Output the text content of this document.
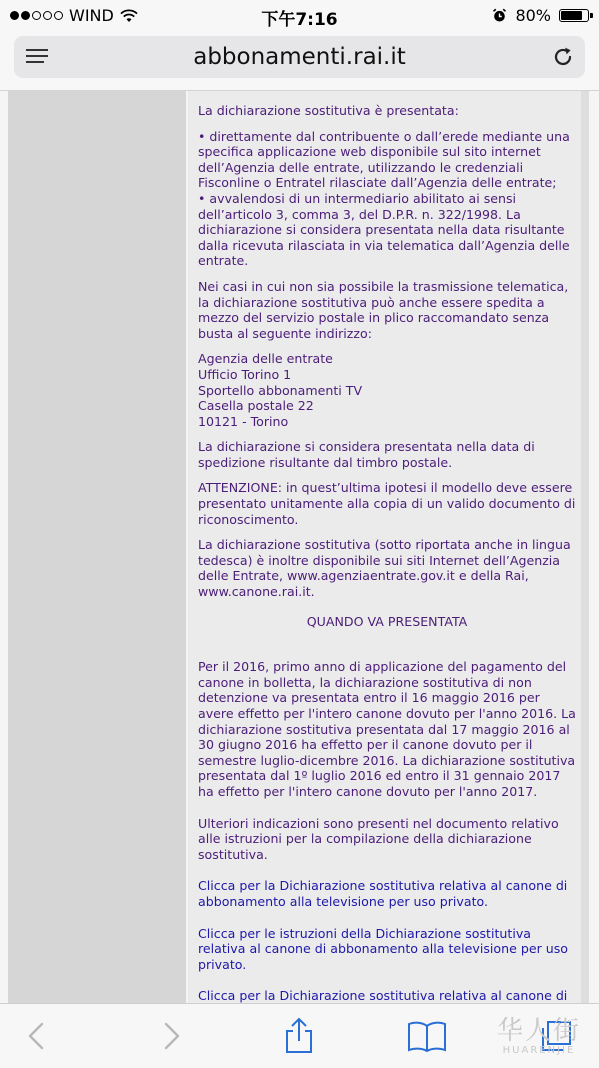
WIND	下午7:16	80%
abbonamenti.rai.it

La dichiarazione sostitutiva è presentata:

• direttamente dal contribuente o dall’erede mediante una specifica applicazione web disponibile sul sito internet dell’Agenzia delle entrate, utilizzando le credenziali Fisconline o Entratel rilasciate dall’Agenzia delle entrate;
• avvalendosi di un intermediario abilitato ai sensi dell’articolo 3, comma 3, del D.P.R. n. 322/1998. La dichiarazione si considera presentata nella data risultante dalla ricevuta rilasciata in via telematica dall’Agenzia delle entrate.

Nei casi in cui non sia possibile la trasmissione telematica, la dichiarazione sostitutiva può anche essere spedita a mezzo del servizio postale in plico raccomandato senza busta al seguente indirizzo:

Agenzia delle entrate
Ufficio Torino 1
Sportello abbonamenti TV
Casella postale 22
10121 - Torino

La dichiarazione si considera presentata nella data di spedizione risultante dal timbro postale.

ATTENZIONE: in quest’ultima ipotesi il modello deve essere presentato unitamente alla copia di un valido documento di riconoscimento.

La dichiarazione sostitutiva (sotto riportata anche in lingua tedesca) è inoltre disponibile sui siti Internet dell’Agenzia delle Entrate, www.agenziaentrate.gov.it e della Rai, www.canone.rai.it.

QUANDO VA PRESENTATA

Per il 2016, primo anno di applicazione del pagamento del canone in bolletta, la dichiarazione sostitutiva di non detenzione va presentata entro il 16 maggio 2016 per avere effetto per l'intero canone dovuto per l'anno 2016. La dichiarazione sostitutiva presentata dal 17 maggio 2016 al 30 giugno 2016 ha effetto per il canone dovuto per il semestre luglio-dicembre 2016. La dichiarazione sostitutiva presentata dal 1º luglio 2016 ed entro il 31 gennaio 2017 ha effetto per l'intero canone dovuto per l'anno 2017.

Ulteriori indicazioni sono presenti nel documento relativo alle istruzioni per la compilazione della dichiarazione sostitutiva.

Clicca per la Dichiarazione sostitutiva relativa al canone di abbonamento alla televisione per uso privato.

Clicca per le istruzioni della Dichiarazione sostitutiva relativa al canone di abbonamento alla televisione per uso privato.

Clicca per la Dichiarazione sostitutiva relativa al canone di

华人街
HUARENJIE
